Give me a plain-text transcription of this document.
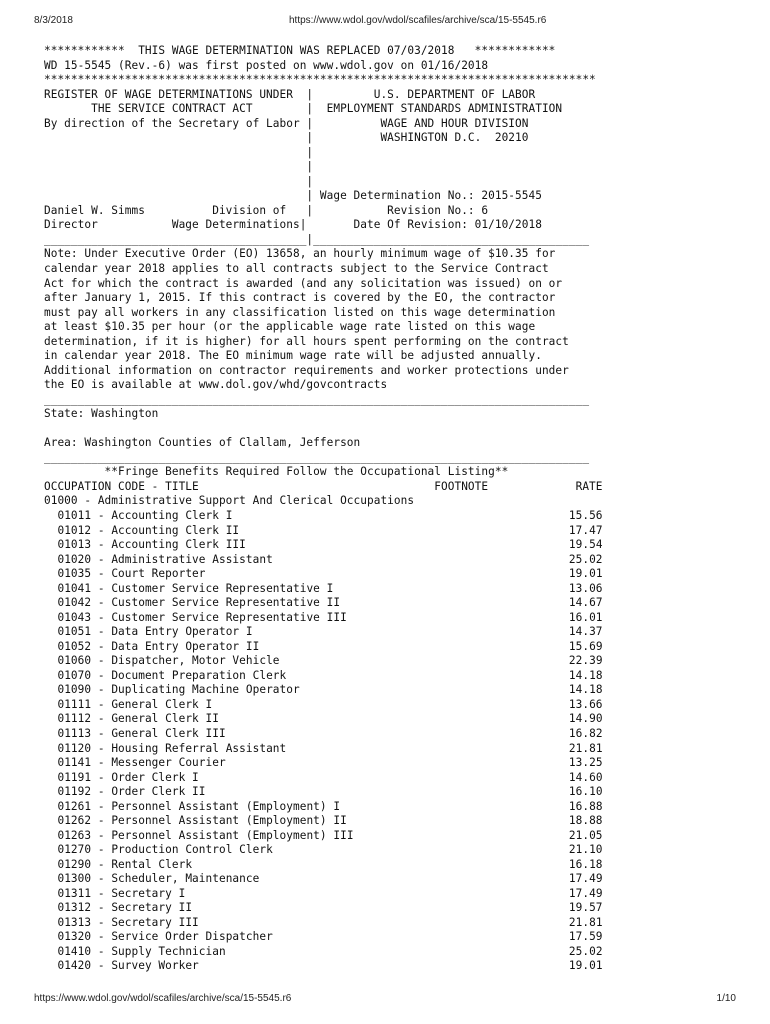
8/3/2018	https://www.wdol.gov/wdol/scafiles/archive/sca/15-5545.r6
************  THIS WAGE DETERMINATION WAS REPLACED 07/03/2018   ************
WD 15-5545 (Rev.-6) was first posted on www.wdol.gov on 01/16/2018
**********************************************************************************
REGISTER OF WAGE DETERMINATIONS UNDER  |         U.S. DEPARTMENT OF LABOR
THE SERVICE CONTRACT ACT        |  EMPLOYMENT STANDARDS ADMINISTRATION
By direction of the Secretary of Labor |          WAGE AND HOUR DIVISION
|          WASHINGTON D.C.  20210
|
|
|
| Wage Determination No.: 2015-5545
Daniel W. Simms          Division of   |           Revision No.: 6
Director           Wage Determinations|       Date Of Revision: 01/10/2018
_______________________________________|_________________________________________
Note: Under Executive Order (EO) 13658, an hourly minimum wage of $10.35 for
calendar year 2018 applies to all contracts subject to the Service Contract
Act for which the contract is awarded (and any solicitation was issued) on or
after January 1, 2015. If this contract is covered by the EO, the contractor
must pay all workers in any classification listed on this wage determination
at least $10.35 per hour (or the applicable wage rate listed on this wage
determination, if it is higher) for all hours spent performing on the contract
in calendar year 2018. The EO minimum wage rate will be adjusted annually.
Additional information on contractor requirements and worker protections under
the EO is available at www.dol.gov/whd/govcontracts
_________________________________________________________________________________
State: Washington

Area: Washington Counties of Clallam, Jefferson
_________________________________________________________________________________
**Fringe Benefits Required Follow the Occupational Listing**
OCCUPATION CODE - TITLE                                   FOOTNOTE             RATE
01000 - Administrative Support And Clerical Occupations
01011 - Accounting Clerk I	15.56
01012 - Accounting Clerk II	17.47
01013 - Accounting Clerk III	19.54
01020 - Administrative Assistant	25.02
01035 - Court Reporter	19.01
01041 - Customer Service Representative I	13.06
01042 - Customer Service Representative II	14.67
01043 - Customer Service Representative III	16.01
01051 - Data Entry Operator I	14.37
01052 - Data Entry Operator II	15.69
01060 - Dispatcher, Motor Vehicle	22.39
01070 - Document Preparation Clerk	14.18
01090 - Duplicating Machine Operator	14.18
01111 - General Clerk I	13.66
01112 - General Clerk II	14.90
01113 - General Clerk III	16.82
01120 - Housing Referral Assistant	21.81
01141 - Messenger Courier	13.25
01191 - Order Clerk I	14.60
01192 - Order Clerk II	16.10
01261 - Personnel Assistant (Employment) I	16.88
01262 - Personnel Assistant (Employment) II	18.88
01263 - Personnel Assistant (Employment) III	21.05
01270 - Production Control Clerk	21.10
01290 - Rental Clerk	16.18
01300 - Scheduler, Maintenance	17.49
01311 - Secretary I	17.49
01312 - Secretary II	19.57
01313 - Secretary III	21.81
01320 - Service Order Dispatcher	17.59
01410 - Supply Technician	25.02
01420 - Survey Worker	19.01
https://www.wdol.gov/wdol/scafiles/archive/sca/15-5545.r6	1/10
